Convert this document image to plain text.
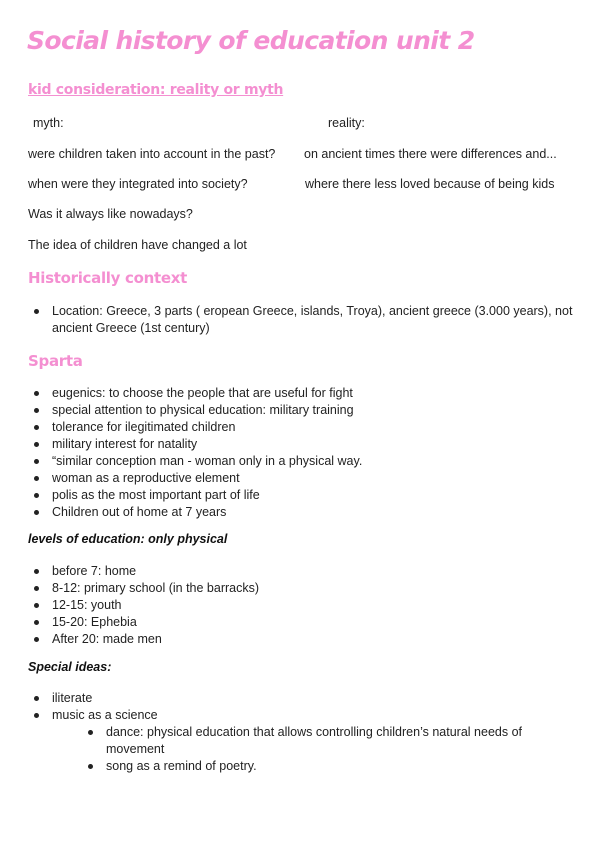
Social history of education unit 2
kid consideration: reality or myth
myth:	reality:
were children taken into account in the past? on ancient times there were differences and...
when were they integrated into society?	where there less loved because of being kids
Was it always like nowadays?
The idea of children have changed a lot
Historically context
Location: Greece, 3 parts ( eropean Greece, islands, Troya), ancient greece (3.000 years), not ancient Greece (1st century)
Sparta
eugenics: to choose the people that are useful for fight
special attention to physical education: military training
tolerance for ilegitimated children
military interest for natality
“similar conception man - woman only in a physical way.
woman as a reproductive element
polis as the most important part of life
Children out of home at 7 years
levels of education: only physical
before 7: home
8-12: primary school (in the barracks)
12-15: youth
15-20: Ephebia
After 20: made men
Special ideas:
iliterate
music as a science
dance: physical education that allows controlling children’s natural needs of movement
song as a remind of poetry.
